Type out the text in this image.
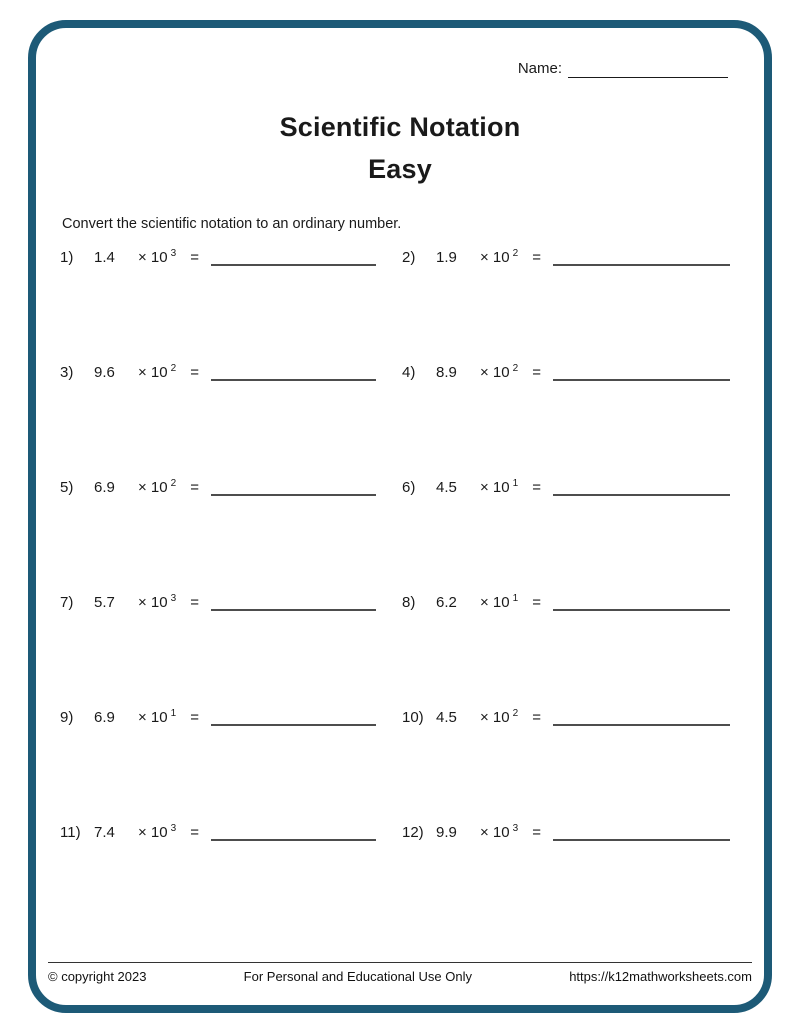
Name:
Scientific Notation
Easy
Convert the scientific notation to an ordinary number.
1)	1.4	× 10 $^3$ =	2)	1.9	× 10 $^2$ =
3)	9.6	× 10 $^2$ =	4)	8.9	× 10 $^2$ =
5)	6.9	× 10 $^2$ =	6)	4.5	× 10 $^1$ =
7)	5.7	× 10 $^3$ =	8)	6.2	× 10 $^1$ =
9)	6.9	× 10 $^1$ =	10) 4.5	× 10 $^2$ =
11) 7.4	× 10 $^3$ =	12) 9.9	× 10 $^3$ =
© copyright 2023	For Personal and Educational Use Only	https://k12mathworksheets.com
